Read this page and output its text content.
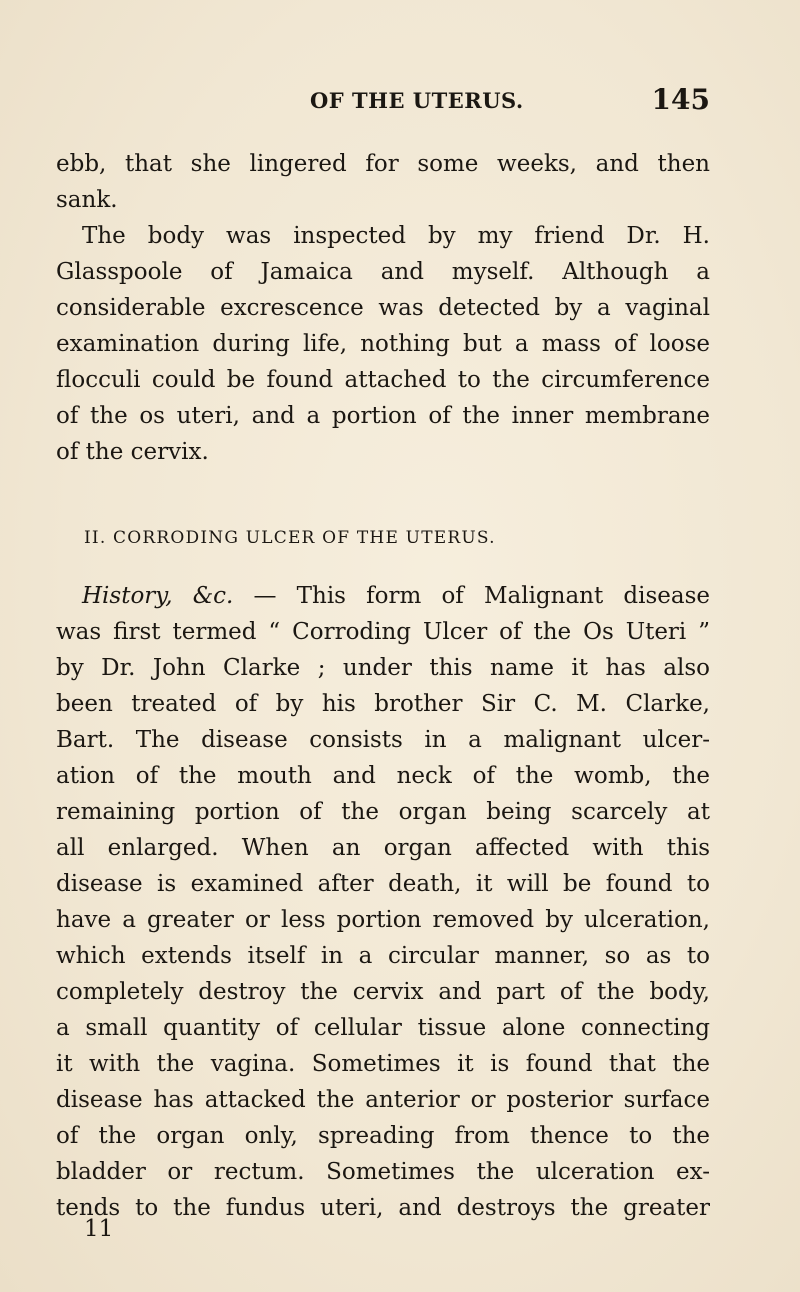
OF THE UTERUS.	145
ebb, that she lingered for some weeks, and then
sank.
The body was inspected by my friend Dr. H.
Glasspoole of Jamaica and myself. Although a
considerable excrescence was detected by a vaginal
examination during life, nothing but a mass of loose
flocculi could be found attached to the circumference
of the os uteri, and a portion of the inner membrane
of the cervix.
II. CORRODING ULCER OF THE UTERUS.
History, &c. — This form of Malignant disease
was first termed “ Corroding Ulcer of the Os Uteri ”
by Dr. John Clarke ; under this name it has also
been treated of by his brother Sir C. M. Clarke,
Bart. The disease consists in a malignant ulcer-
ation of the mouth and neck of the womb, the
remaining portion of the organ being scarcely at
all enlarged. When an organ affected with this
disease is examined after death, it will be found to
have a greater or less portion removed by ulceration,
which extends itself in a circular manner, so as to
completely destroy the cervix and part of the body,
a small quantity of cellular tissue alone connecting
it with the vagina. Sometimes it is found that the
disease has attacked the anterior or posterior surface
of the organ only, spreading from thence to the
bladder or rectum. Sometimes the ulceration ex-
tends to the fundus uteri, and destroys the greater
11
